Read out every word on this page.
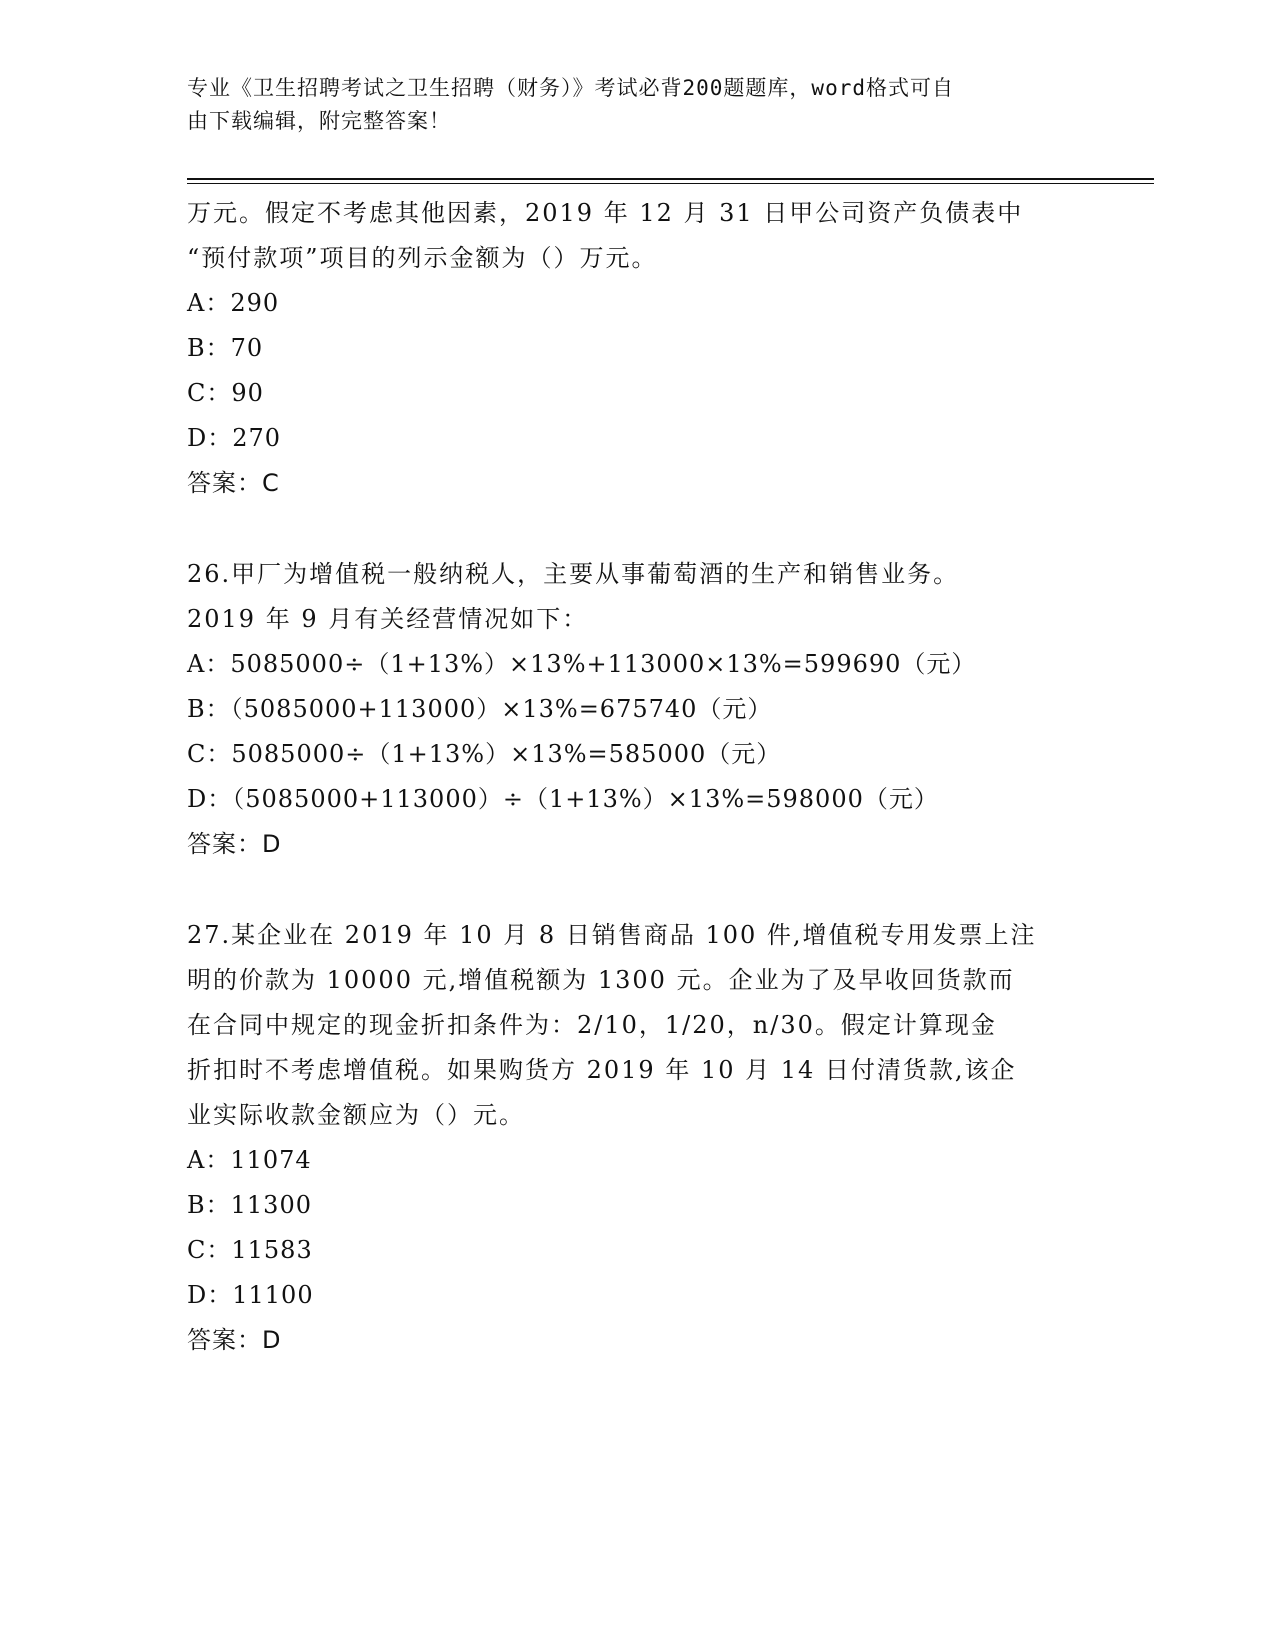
专业《卫生招聘考试之卫生招聘（财务）》考试必背200题题库，word格式可自
由下载编辑，附完整答案！
万元。假定不考虑其他因素，2019 年 12 月 31 日甲公司资产负债表中
“预付款项”项目的列示金额为（）万元。
A：290
B：70
C：90
D：270
答案：C
26.甲厂为增值税一般纳税人，主要从事葡萄酒的生产和销售业务。
2019 年 9 月有关经营情况如下：
A：5085000÷（1+13%）×13%+113000×13%=599690（元）
B：（5085000+113000）×13%=675740（元）
C：5085000÷（1+13%）×13%=585000（元）
D：（5085000+113000）÷（1+13%）×13%=598000（元）
答案：D
27.某企业在 2019 年 10 月 8 日销售商品 100 件,增值税专用发票上注
明的价款为 10000 元,增值税额为 1300 元。企业为了及早收回货款而
在合同中规定的现金折扣条件为：2/10，1/20，n/30。假定计算现金
折扣时不考虑增值税。如果购货方 2019 年 10 月 14 日付清货款,该企
业实际收款金额应为（）元。
A：11074
B：11300
C：11583
D：11100
答案：D
